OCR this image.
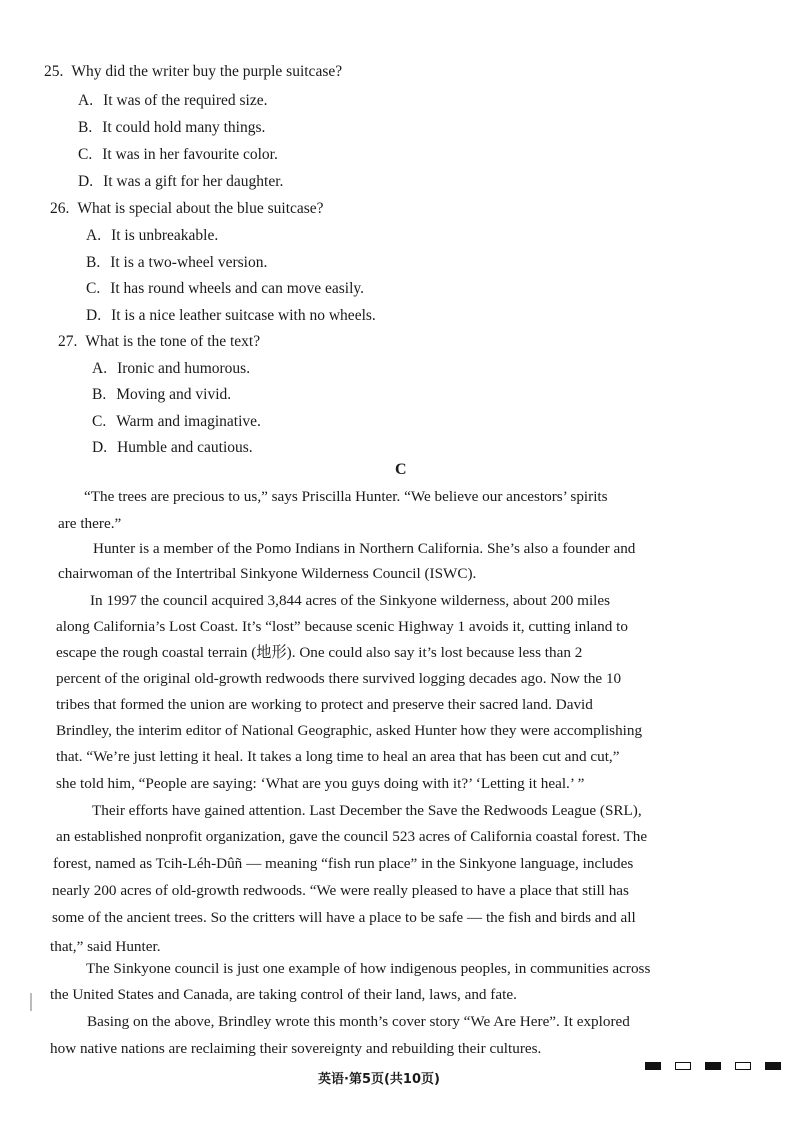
25. Why did the writer buy the purple suitcase?
A. It was of the required size.
B. It could hold many things.
C. It was in her favourite color.
D. It was a gift for her daughter.
26. What is special about the blue suitcase?
A. It is unbreakable.
B. It is a two-wheel version.
C. It has round wheels and can move easily.
D. It is a nice leather suitcase with no wheels.
27. What is the tone of the text?
A. Ironic and humorous.
B. Moving and vivid.
C. Warm and imaginative.
D. Humble and cautious.
C
“The trees are precious to us,” says Priscilla Hunter. “We believe our ancestors’ spirits
are there.”
Hunter is a member of the Pomo Indians in Northern California. She’s also a founder and
chairwoman of the Intertribal Sinkyone Wilderness Council (ISWC).
In 1997 the council acquired 3,844 acres of the Sinkyone wilderness, about 200 miles
along California’s Lost Coast. It’s “lost” because scenic Highway 1 avoids it, cutting inland to
escape the rough coastal terrain (地形). One could also say it’s lost because less than 2
percent of the original old-growth redwoods there survived logging decades ago. Now the 10
tribes that formed the union are working to protect and preserve their sacred land. David
Brindley, the interim editor of National Geographic, asked Hunter how they were accomplishing
that. “We’re just letting it heal. It takes a long time to heal an area that has been cut and cut,”
she told him, “People are saying: ‘What are you guys doing with it?’ ‘Letting it heal.’ ”
Their efforts have gained attention. Last December the Save the Redwoods League (SRL),
an established nonprofit organization, gave the council 523 acres of California coastal forest. The
forest, named as Tcih-Léh-Dûñ — meaning “fish run place” in the Sinkyone language, includes
nearly 200 acres of old-growth redwoods. “We were really pleased to have a place that still has
some of the ancient trees. So the critters will have a place to be safe — the fish and birds and all
that,” said Hunter.
The Sinkyone council is just one example of how indigenous peoples, in communities across
the United States and Canada, are taking control of their land, laws, and fate.
Basing on the above, Brindley wrote this month’s cover story “We Are Here”. It explored
how native nations are reclaiming their sovereignty and rebuilding their cultures.
英语·第5页(共10页)
